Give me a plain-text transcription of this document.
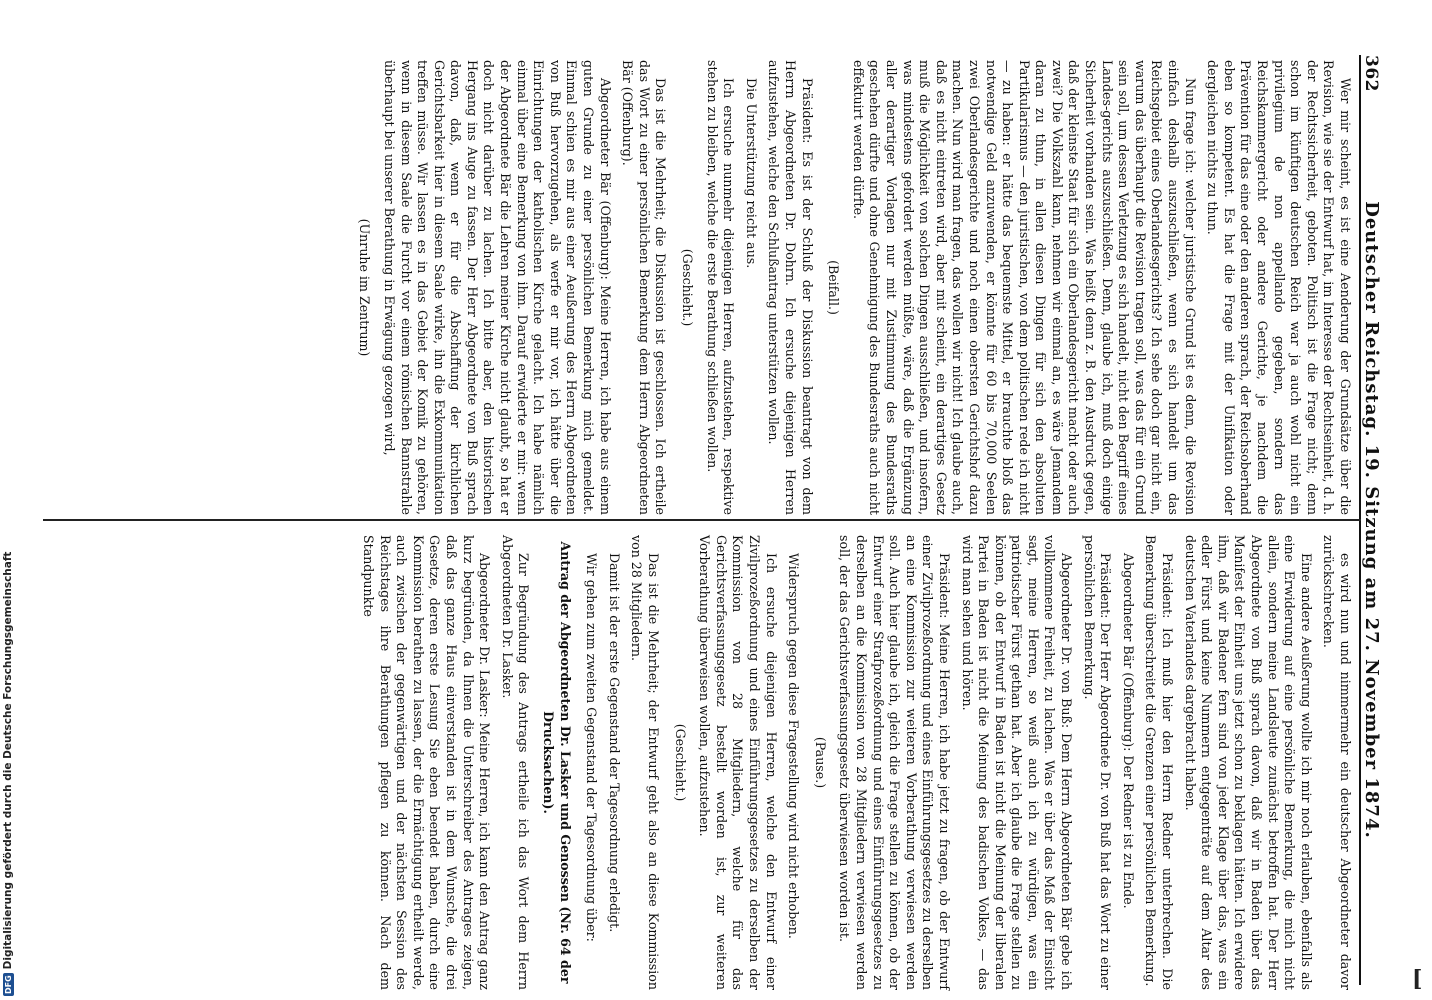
362
Deutscher Reichstag. 19. Sitzung am 27. November 1874.

Wer mir scheint, es ist eine Aenderung der Grundsätze über die Revision, wie sie der Entwurf hat, im Interesse der Rechtseinheit, d. h. der Rechtssicherheit, geboten. Politisch ist die Frage nicht; denn schon im künftigen deutschen Reich war ja auch wohl nicht ein privilegium de non appellando gegeben, sondern das Reichskammergericht oder andere Gerichte, je nachdem die Prävention für das eine oder den anderen sprach, der Reichsoberhand eben so kompetent. Es hat die Frage mit der Unifikation oder dergleichen nichts zu thun.

Nun frage ich: welcher juristische Grund ist es denn, die Revision einfach deshalb auszuschließen, wenn es sich handelt um das Reichsgebiet eines Oberlandesgerichts? Ich sehe doch gar nicht ein, warum das überhaupt die Revision tragen soll, was das für ein Grund sein soll, um dessen Verletzung es sich handelt, nicht den Begriff eines Landes-gerichts auszuschließen. Denn, glaube ich, muß doch einige Sicherheit vorhanden sein. Was heißt denn z. B. den Ausdruck gegen, daß der kleinste Staat für sich ein Oberlandesgericht macht oder auch zwei? Die Volkszahl kann, nehmen wir einmal an, es wäre Jemandem daran zu thun, in allen diesen Dingen für sich den absoluten Partikularismus — den juristischen, von dem politischen rede ich nicht — zu haben: er hätte das bequemste Mittel, er brauchte bloß das notwendige Geld anzuwenden, er könnte für 60 bis 70,000 Seelen zwei Oberlandesgerichte und noch einen obersten Gerichtshof dazu machen. Nun wird man fragen, das wollen wir nicht! Ich glaube auch, daß es nicht eintreten wird, aber mit scheint, ein derartiges Gesetz muß die Möglichkeit von solchen Dingen ausschließen, und insofern, was mindestens gefordert werden müßte, wäre, daß die Ergänzung aller derartiger Vorlagen nur mit Zustimmung des Bundesraths geschehen dürfte und ohne Genehmigung des Bundesraths auch nicht effektuirt werden dürfte.

(Beifall.)

Präsident: Es ist der Schluß der Diskussion beantragt von dem Herrn Abgeordneten Dr. Dohrn. Ich ersuche diejenigen Herren aufzustehen, welche den Schlußantrag unterstützen wollen.

Die Unterstützung reicht aus.

Ich ersuche nunmehr diejenigen Herren, aufzustehen, respektive stehen zu bleiben, welche die erste Berathung schließen wollen.

(Geschieht.)

Das ist die Mehrheit; die Diskussion ist geschlossen. Ich ertheile das Wort zu einer persönlichen Bemerkung dem Herrn Abgeordneten Bär (Offenburg).

Abgeordneter Bär (Offenburg): Meine Herren, ich habe aus einem guten Grunde zu einer persönlichen Bemerkung mich gemeldet. Einmal schien es mir aus einer Aeußerung des Herrn Abgeordneten von Buß hervorzugehen, als werfe er mir vor, ich hätte über die Einrichtungen der katholischen Kirche gelacht. Ich habe nämlich einmal über eine Bemerkung von ihm. Darauf erwiderte er mir: wenn der Abgeordnete Bär die Lehren meiner Kirche nicht glaubt, so hat er doch nicht darüber zu lachen. Ich bitte aber, den historischen Hergang ins Auge zu fassen. Der Herr Abgeordnete von Buß sprach davon, daß, wenn er für die Abschaffung der kirchlichen Gerichtsbarkeit hier in diesem Saale wirke, ihn die Exkommunikation treffen müsse. Wir lassen es in das Gebiet der Komik zu gehören, wenn in diesem Saale die Furcht vor einem römischen Bannstrahle überhaupt bei unserer Berathung in Erwägung gezogen wird,

(Unruhe im Zentrum)

es wird nun und nimmermehr ein deutscher Abgeordneter davor zurückschrecken.

Eine andere Aeußerung wollte ich mir noch erlauben, ebenfalls als eine Erwiderung auf eine persönliche Bemerkung, die mich nicht allein, sondern meine Landsleute zunächst betroffen hat. Der Herr Abgeordnete von Buß sprach davon, daß wir in Baden über das Manifest der Einheit uns jetzt schon zu beklagen hätten. Ich erwidere ihm, daß wir Badener fern sind von jeder Klage über das, was ein edler Fürst und keine Nummern entgegenträte auf dem Altar des deutschen Vaterlandes dargebracht haben.

Präsident: Ich muß hier den Herrn Redner unterbrechen. Die Bemerkung überschreitet die Grenzen einer persönlichen Bemerkung.

Abgeordneter Bär (Offenburg): Der Redner ist zu Ende.

Präsident: Der Herr Abgeordnete Dr. von Buß hat das Wort zu einer persönlichen Bemerkung.

Abgeordneter Dr. von Buß: Dem Herrn Abgeordneten Bär gebe ich vollkommene Freiheit, zu lachen. Was er über das Maß der Einsicht sagt, meine Herren, so weiß auch ich zu würdigen, was ein patriotischer Fürst gethan hat. Aber ich glaube die Frage stellen zu können, ob der Entwurf in Baden ist nicht die Meinung der liberalen Partei in Baden ist nicht die Meinung des badischen Volkes, — das wird man sehen und hören.

Präsident: Meine Herren, ich habe jetzt zu fragen, ob der Entwurf einer Zivilprozeßordnung und eines Einführungsgesetzes zu derselben an eine Kommission zur weiteren Vorberathung verwiesen werden soll. Auch hier glaube ich, gleich die Frage stellen zu können, ob der Entwurf einer Strafprozeßordnung und eines Einführungsgesetzes zu derselben an die Kommission von 28 Mitgliedern verwiesen werden soll, der das Gerichtsverfassungsgesetz überwiesen worden ist.

(Pause.)

Widerspruch gegen diese Fragestellung wird nicht erhoben.

Ich ersuche diejenigen Herren, welche den Entwurf einer Zivilprozeßordnung und eines Einführungsgesetzes zu derselben der Kommission von 28 Mitgliedern, welche für das Gerichtsverfassungsgesetz bestellt worden ist, zur weiteren Vorberathung überweisen wollen, aufzustehen.

(Geschieht.)

Das ist die Mehrheit; der Entwurf geht also an diese Kommission von 28 Mitgliedern.

Damit ist der erste Gegenstand der Tagesordnung erledigt.

Wir gehen zum zweiten Gegenstand der Tagesordnung über:

Antrag der Abgeordneten Dr. Lasker und Genossen (Nr. 64 der Drucksachen).

Zur Begründung des Antrags ertheile ich das Wort dem Herrn Abgeordneten Dr. Lasker.

Abgeordneter Dr. Lasker: Meine Herren, ich kann den Antrag ganz kurz begründen, da Ihnen die Unterschreiber des Antrages zeigen, daß das ganze Haus einverstanden ist in dem Wunsche, die drei Gesetze, deren erste Lesung Sie eben beendet haben, durch eine Kommission berathen zu lassen, der die Ermächtigung ertheilt werde, auch zwischen der gegenwärtigen und der nächsten Session des Reichstages ihre Berathungen pflegen zu können. Nach dem Standpunkte

DFGDigitalisierung gefördert durch die Deutsche Forschungsgemeinschaft
[
